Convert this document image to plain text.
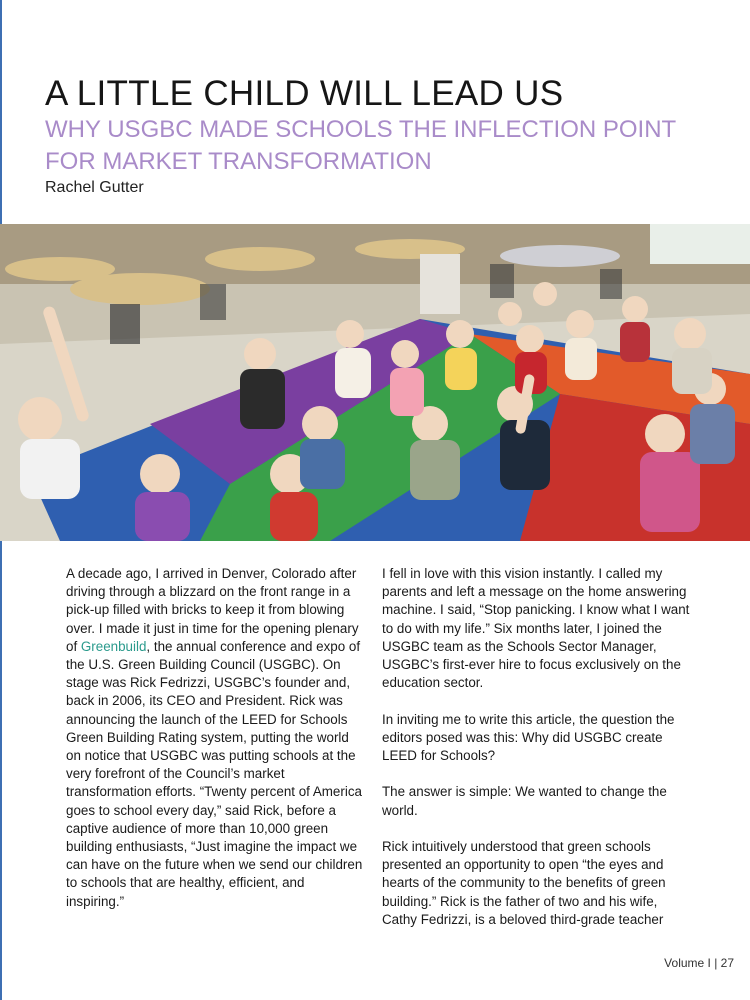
A LITTLE CHILD WILL LEAD US
WHY USGBC MADE SCHOOLS THE INFLECTION POINT FOR MARKET TRANSFORMATION

Rachel Gutter

A decade ago, I arrived in Denver, Colorado after driving through a blizzard on the front range in a pick-up filled with bricks to keep it from blowing over. I made it just in time for the opening plenary of Greenbuild, the annual conference and expo of the U.S. Green Building Council (USGBC). On stage was Rick Fedrizzi, USGBC’s founder and, back in 2006, its CEO and President. Rick was announcing the launch of the LEED for Schools Green Building Rating system, putting the world on notice that USGBC was putting schools at the very forefront of the Council’s market transformation efforts. “Twenty percent of America goes to school every day,” said Rick, before a captive audience of more than 10,000 green building enthusiasts, “Just imagine the impact we can have on the future when we send our children to schools that are healthy, efficient, and inspiring.”

I fell in love with this vision instantly. I called my parents and left a message on the home answering machine. I said, “Stop panicking. I know what I want to do with my life.” Six months later, I joined the USGBC team as the Schools Sector Manager, USGBC’s first-ever hire to focus exclusively on the education sector.

In inviting me to write this article, the question the editors posed was this: Why did USGBC create LEED for Schools?

The answer is simple: We wanted to change the world.

Rick intuitively understood that green schools presented an opportunity to open “the eyes and hearts of the community to the benefits of green building.” Rick is the father of two and his wife, Cathy Fedrizzi, is a beloved third-grade teacher

Volume I | 27
